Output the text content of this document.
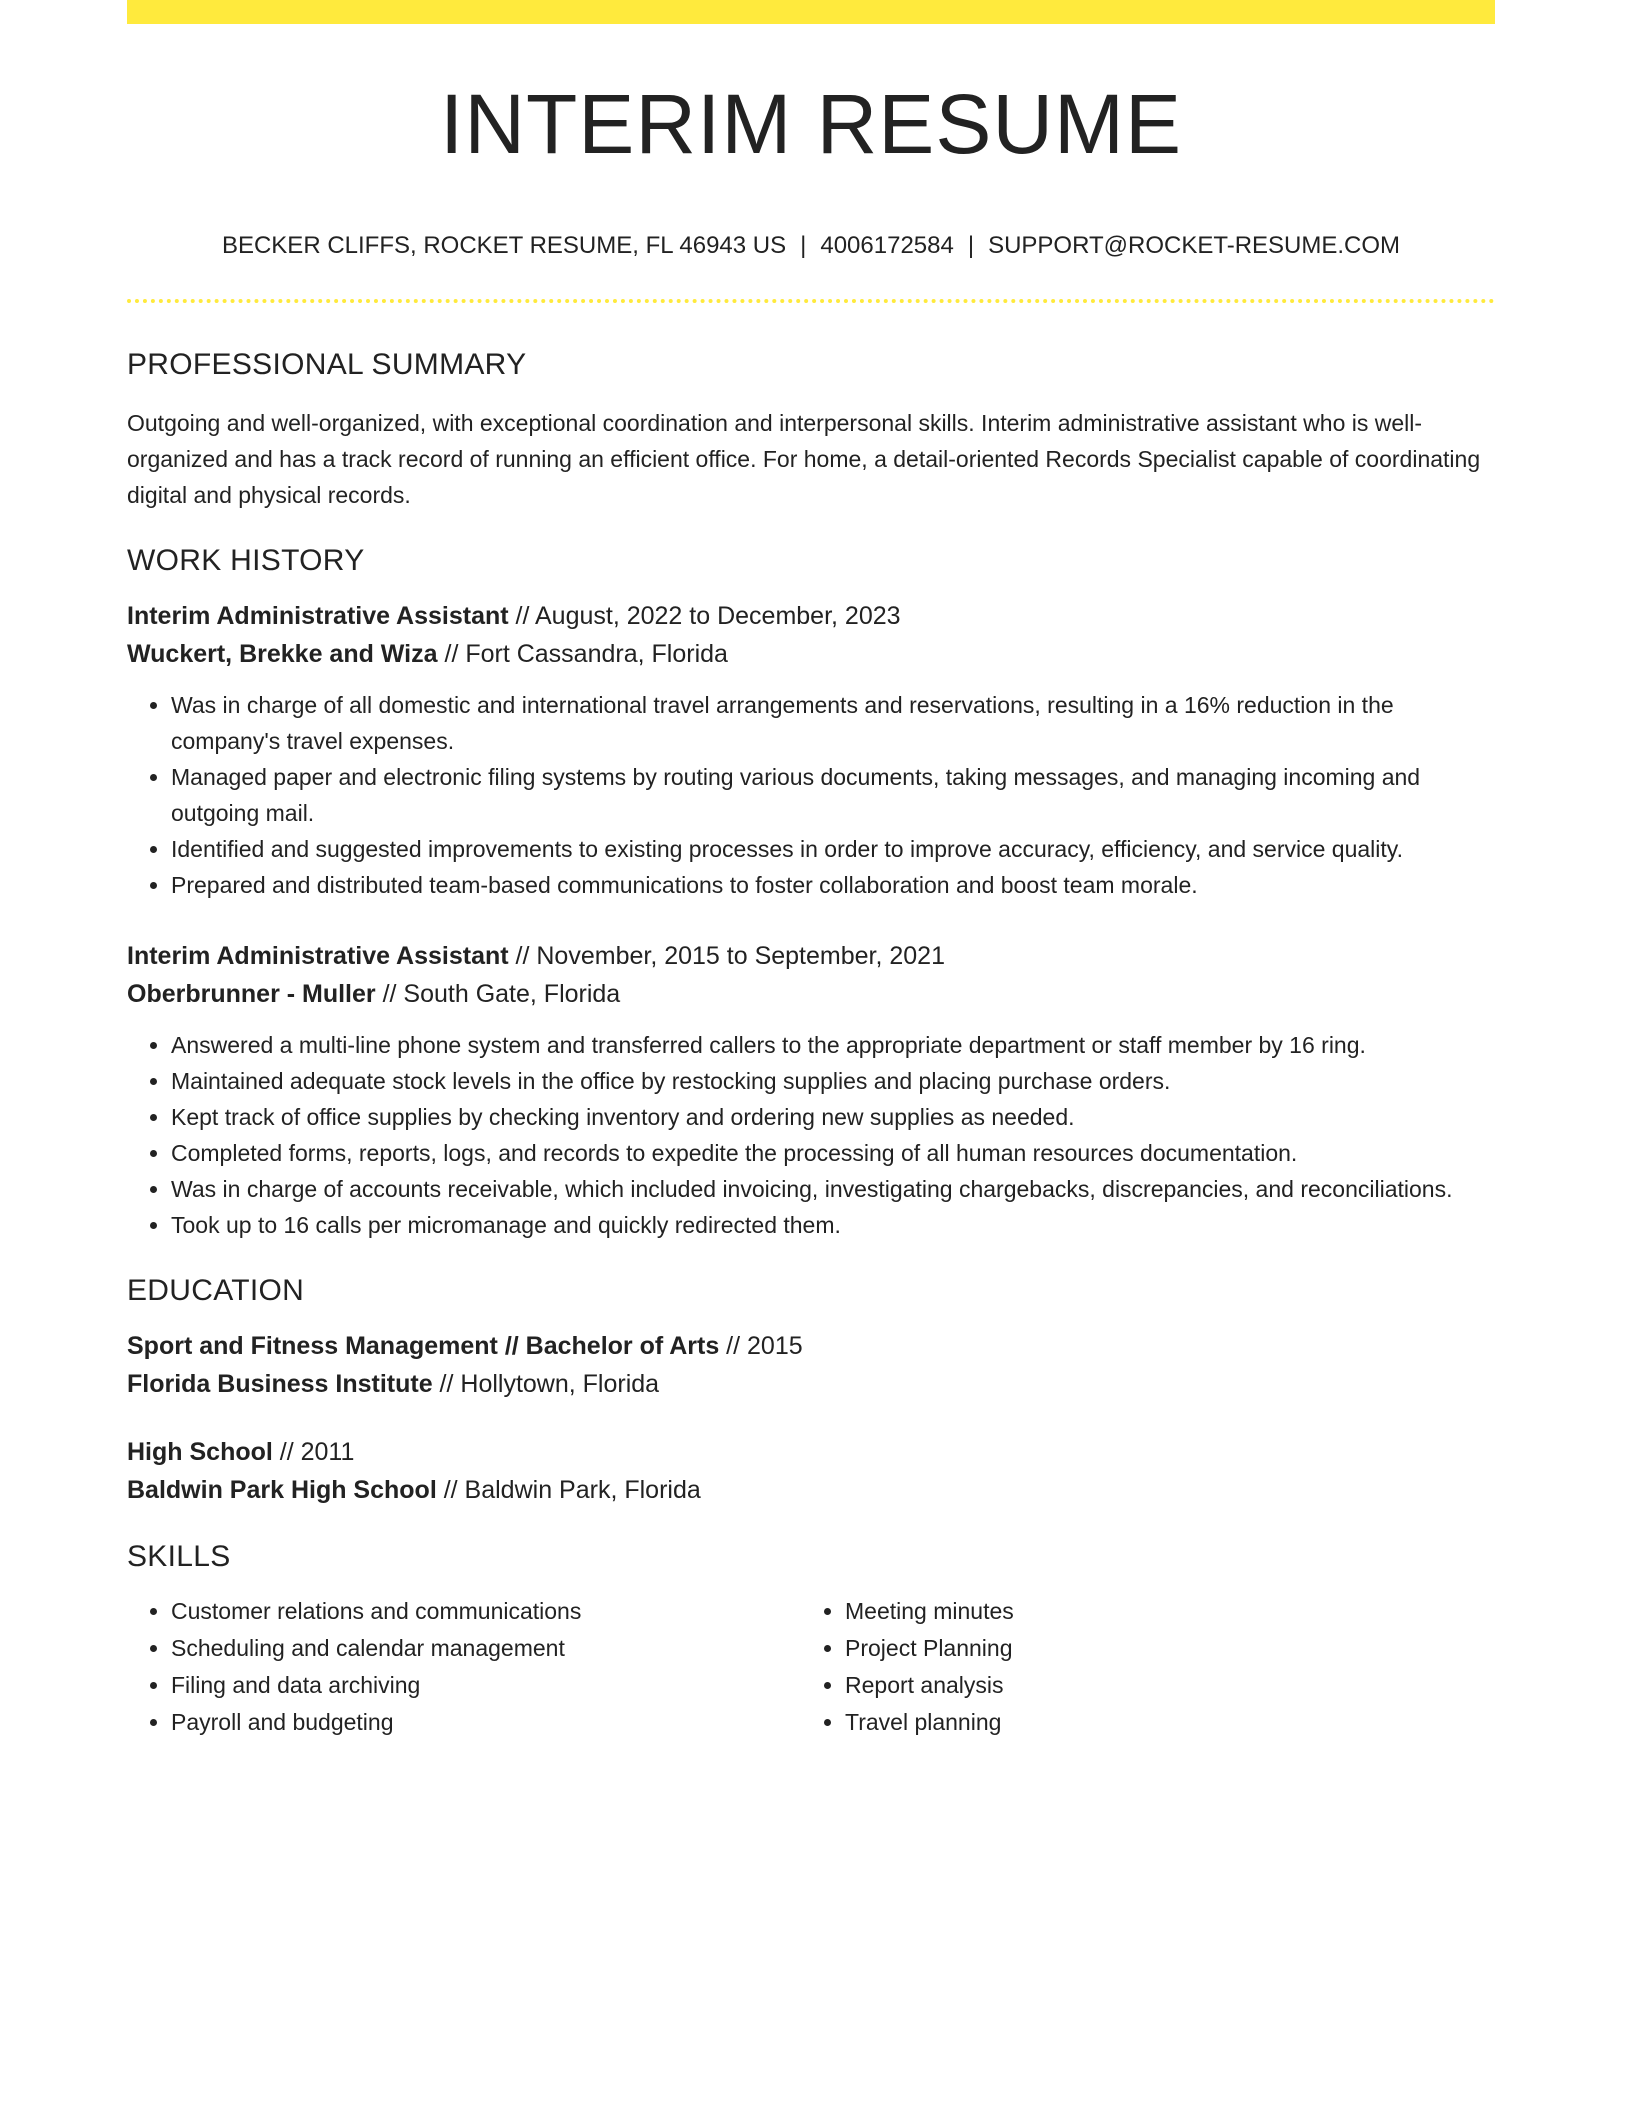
INTERIM RESUME
BECKER CLIFFS, ROCKET RESUME, FL 46943 US | 4006172584 | SUPPORT@ROCKET-RESUME.COM
PROFESSIONAL SUMMARY
Outgoing and well-organized, with exceptional coordination and interpersonal skills. Interim administrative assistant who is well-organized and has a track record of running an efficient office. For home, a detail-oriented Records Specialist capable of coordinating digital and physical records.
WORK HISTORY
Interim Administrative Assistant // August, 2022 to December, 2023
Wuckert, Brekke and Wiza // Fort Cassandra, Florida
• Was in charge of all domestic and international travel arrangements and reservations, resulting in a 16% reduction in the company's travel expenses.
• Managed paper and electronic filing systems by routing various documents, taking messages, and managing incoming and outgoing mail.
• Identified and suggested improvements to existing processes in order to improve accuracy, efficiency, and service quality.
• Prepared and distributed team-based communications to foster collaboration and boost team morale.
Interim Administrative Assistant // November, 2015 to September, 2021
Oberbrunner - Muller // South Gate, Florida
• Answered a multi-line phone system and transferred callers to the appropriate department or staff member by 16 ring.
• Maintained adequate stock levels in the office by restocking supplies and placing purchase orders.
• Kept track of office supplies by checking inventory and ordering new supplies as needed.
• Completed forms, reports, logs, and records to expedite the processing of all human resources documentation.
• Was in charge of accounts receivable, which included invoicing, investigating chargebacks, discrepancies, and reconciliations.
• Took up to 16 calls per micromanage and quickly redirected them.
EDUCATION
Sport and Fitness Management // Bachelor of Arts // 2015
Florida Business Institute // Hollytown, Florida
High School // 2011
Baldwin Park High School // Baldwin Park, Florida
SKILLS
• Customer relations and communications
• Scheduling and calendar management
• Filing and data archiving
• Payroll and budgeting
• Meeting minutes
• Project Planning
• Report analysis
• Travel planning
